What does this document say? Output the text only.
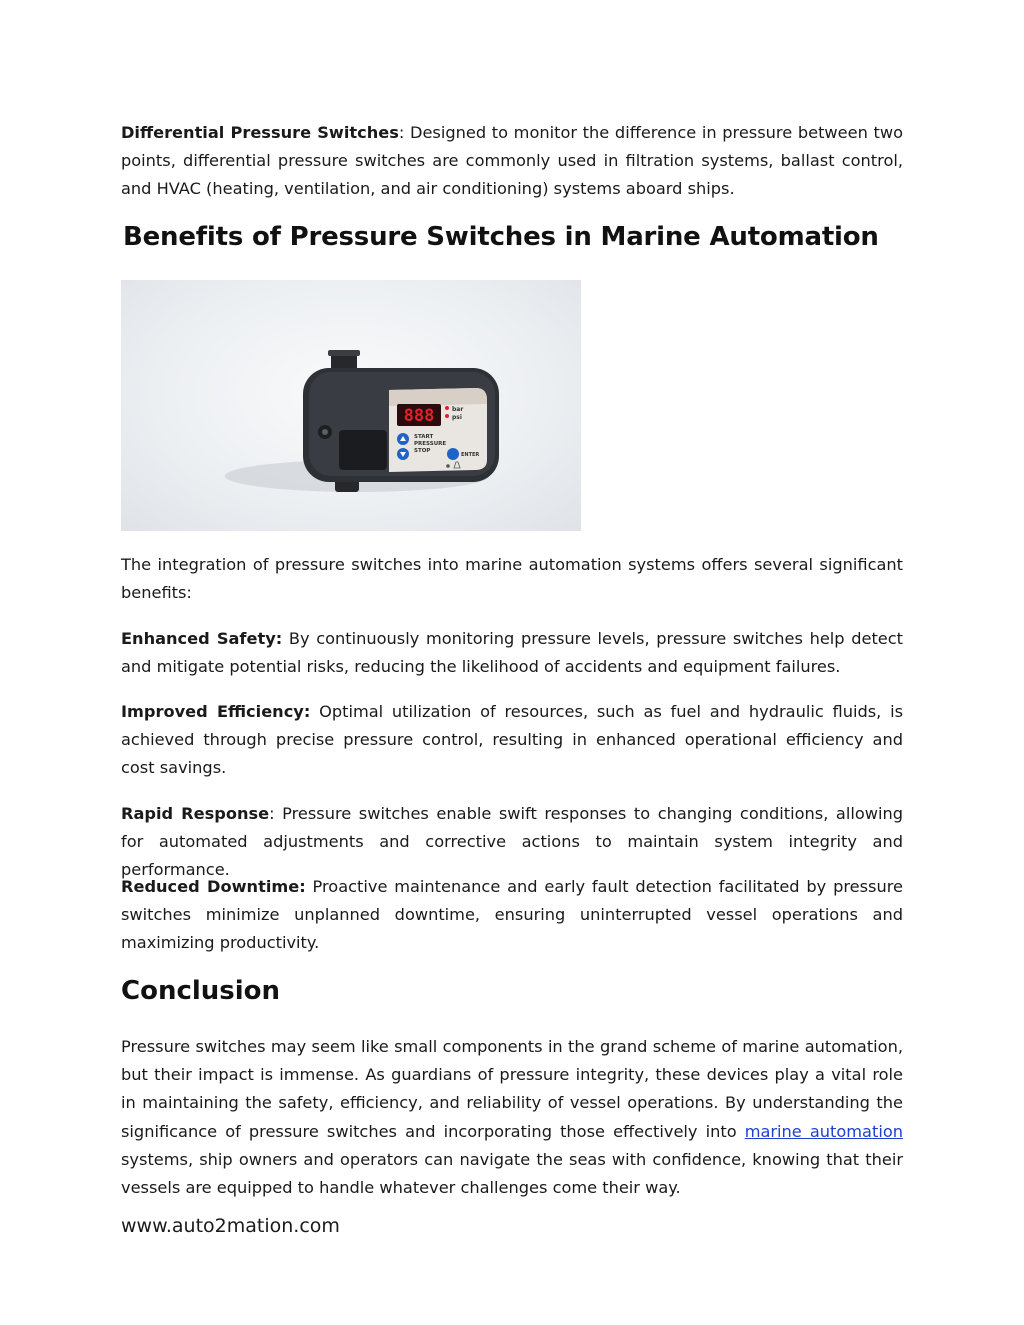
Differential Pressure Switches: Designed to monitor the difference in pressure between two points, differential pressure switches are commonly used in filtration systems, ballast control, and HVAC (heating, ventilation, and air conditioning) systems aboard ships.

Benefits of Pressure Switches in Marine Automation
888	bar
psi
START
PRESSURE
STOP
ENTER

The integration of pressure switches into marine automation systems offers several significant benefits:

Enhanced Safety: By continuously monitoring pressure levels, pressure switches help detect and mitigate potential risks, reducing the likelihood of accidents and equipment failures.

Improved Efficiency: Optimal utilization of resources, such as fuel and hydraulic fluids, is achieved through precise pressure control, resulting in enhanced operational efficiency and cost savings.

Rapid Response: Pressure switches enable swift responses to changing conditions, allowing for automated adjustments and corrective actions to maintain system integrity and performance.

Reduced Downtime: Proactive maintenance and early fault detection facilitated by pressure switches minimize unplanned downtime, ensuring uninterrupted vessel operations and maximizing productivity.

Conclusion

Pressure switches may seem like small components in the grand scheme of marine automation, but their impact is immense. As guardians of pressure integrity, these devices play a vital role in maintaining the safety, efficiency, and reliability of vessel operations. By understanding the significance of pressure switches and incorporating those effectively into marine automation systems, ship owners and operators can navigate the seas with confidence, knowing that their vessels are equipped to handle whatever challenges come their way.

www.auto2mation.com
